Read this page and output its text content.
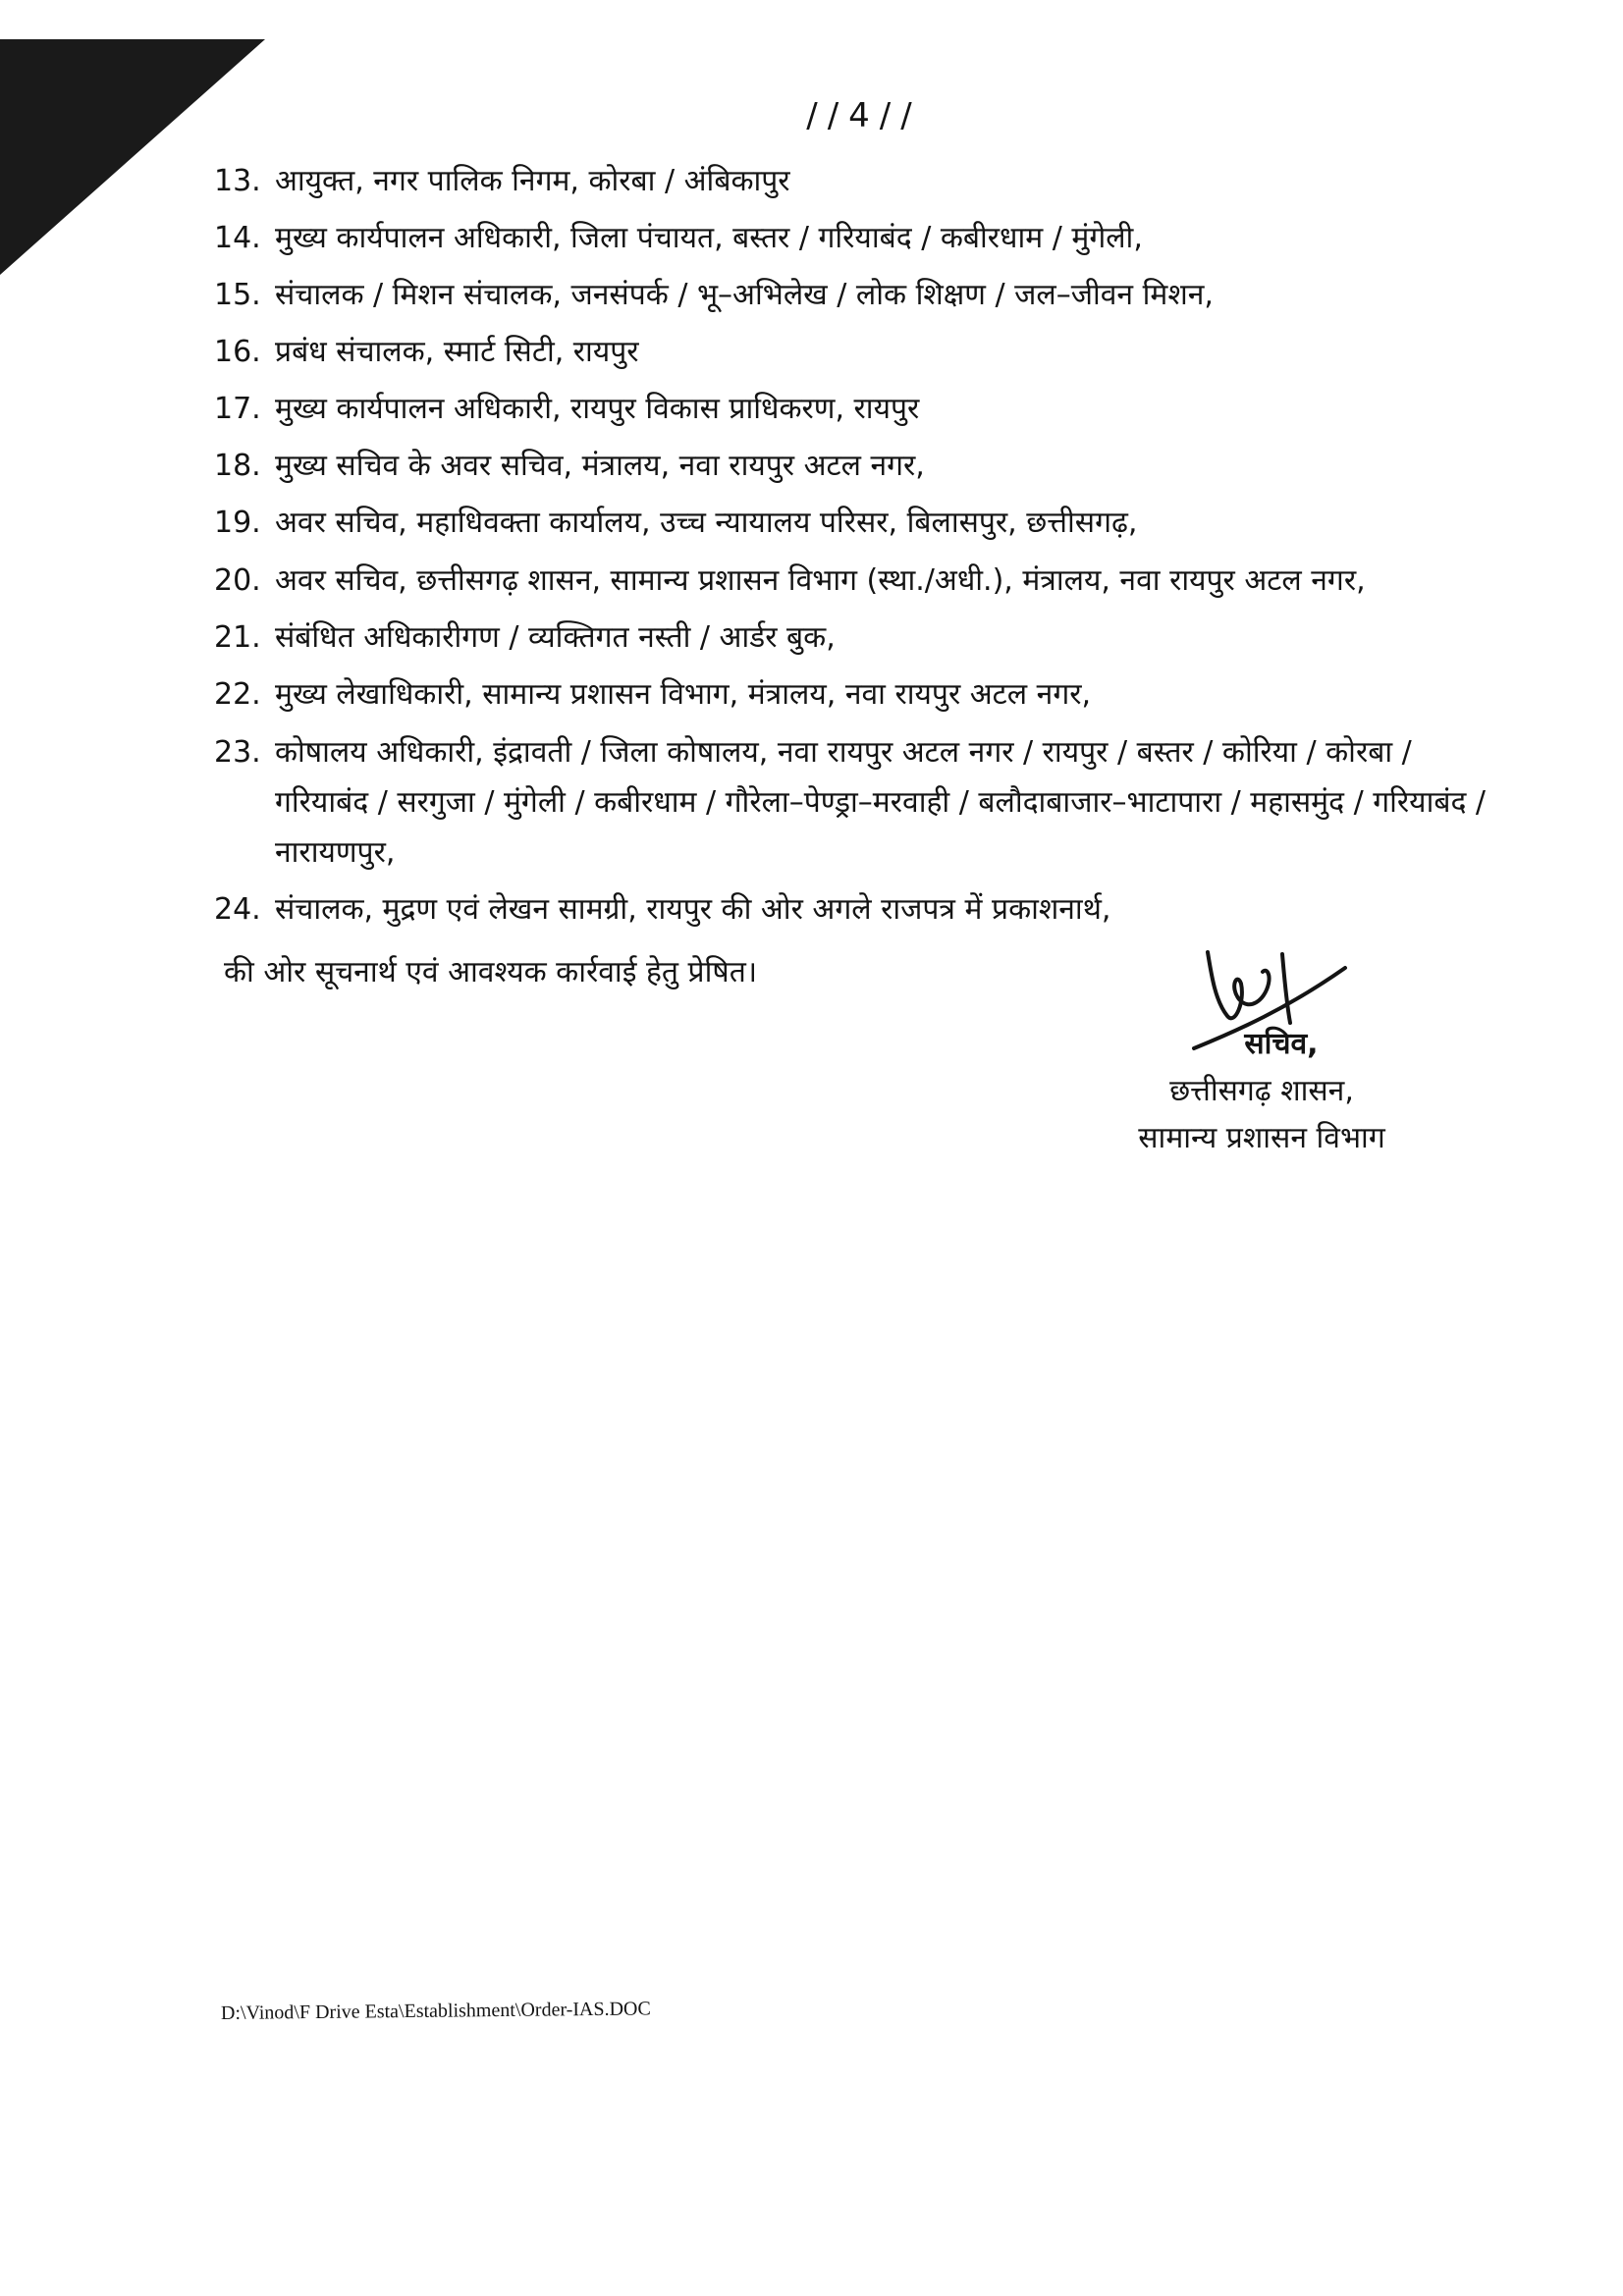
//4//
13. आयुक्त, नगर पालिक निगम, कोरबा / अंबिकापुर
14. मुख्य कार्यपालन अधिकारी, जिला पंचायत, बस्तर / गरियाबंद / कबीरधाम / मुंगेली,
15. संचालक / मिशन संचालक, जनसंपर्क / भू–अभिलेख / लोक शिक्षण / जल–जीवन मिशन,
16. प्रबंध संचालक, स्मार्ट सिटी, रायपुर
17. मुख्य कार्यपालन अधिकारी, रायपुर विकास प्राधिकरण, रायपुर
18. मुख्य सचिव के अवर सचिव, मंत्रालय, नवा रायपुर अटल नगर,
19. अवर सचिव, महाधिवक्ता कार्यालय, उच्च न्यायालय परिसर, बिलासपुर, छत्तीसगढ़,
20. अवर सचिव, छत्तीसगढ़ शासन, सामान्य प्रशासन विभाग (स्था./अधी.), मंत्रालय, नवा रायपुर अटल नगर,
21. संबंधित अधिकारीगण / व्यक्तिगत नस्ती / आर्डर बुक,
22. मुख्य लेखाधिकारी, सामान्य प्रशासन विभाग, मंत्रालय, नवा रायपुर अटल नगर,
23. कोषालय अधिकारी, इंद्रावती / जिला कोषालय, नवा रायपुर अटल नगर / रायपुर / बस्तर / कोरिया / कोरबा / गरियाबंद / सरगुजा / मुंगेली / कबीरधाम / गौरेला–पेण्ड्रा–मरवाही / बलौदाबाजार–भाटापारा / महासमुंद / गरियाबंद / नारायणपुर,
24. संचालक, मुद्रण एवं लेखन सामग्री, रायपुर की ओर अगले राजपत्र में प्रकाशनार्थ,
की ओर सूचनार्थ एवं आवश्यक कार्रवाई हेतु प्रेषित।
सचिव,
छत्तीसगढ़ शासन,
सामान्य प्रशासन विभाग
D:\Vinod\F Drive Esta\Establishment\Order-IAS.DOC
